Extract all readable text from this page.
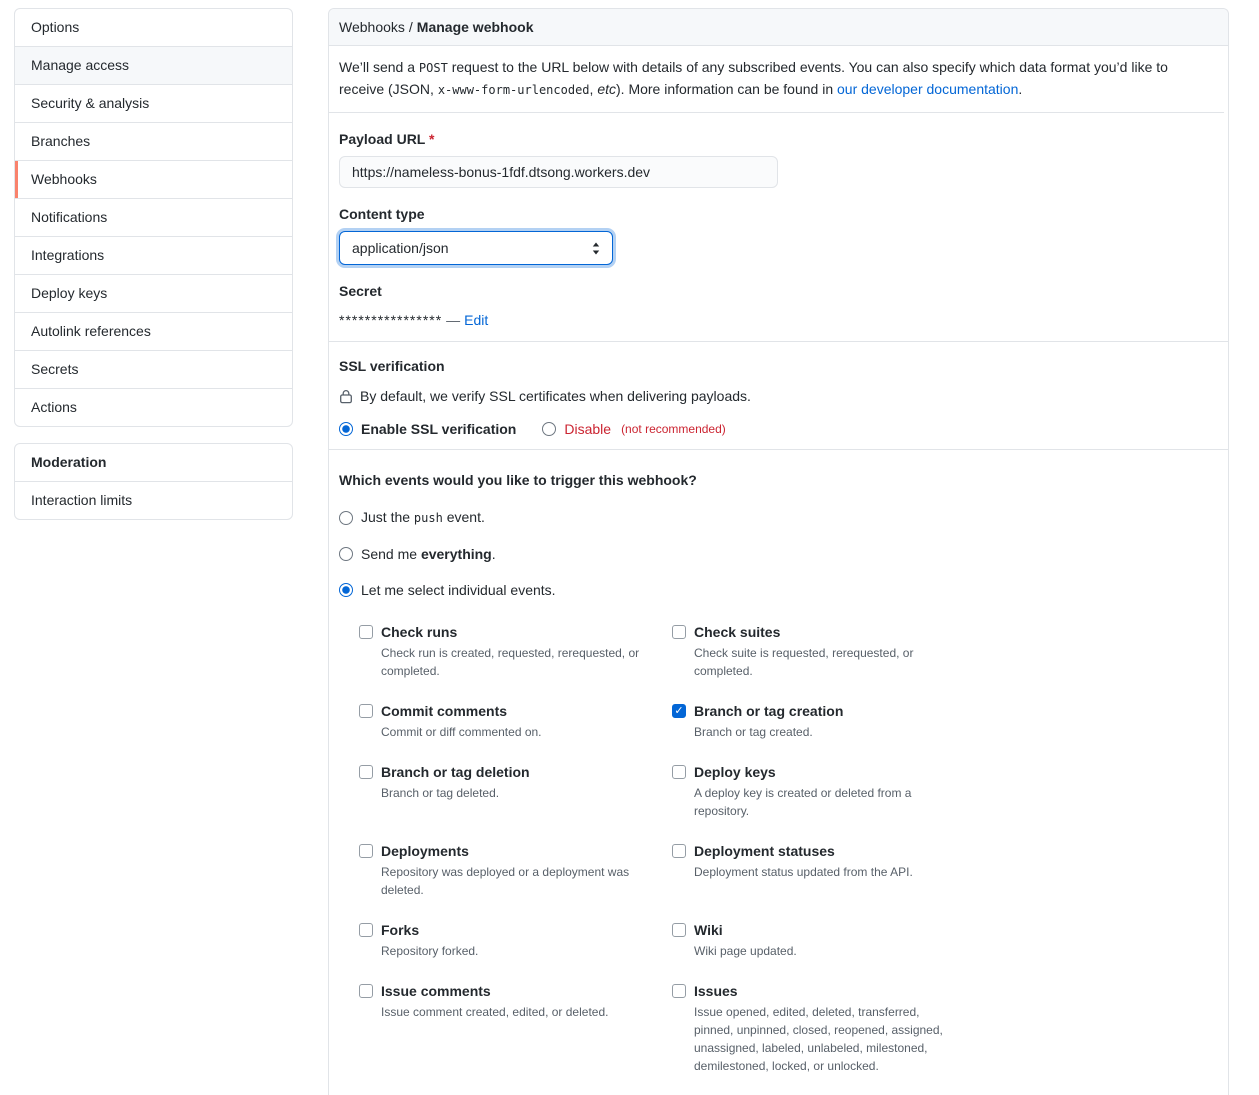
Options
Manage access
Security & analysis
Branches
Webhooks
Notifications
Integrations
Deploy keys
Autolink references
Secrets
Actions
Moderation
Interaction limits
Webhooks / Manage webhook
We’ll send a POST request to the URL below with details of any subscribed events. You can also specify which data format you’d like to receive (JSON, x-www-form-urlencoded, etc). More information can be found in our developer documentation.
Payload URL *
https://nameless-bonus-1fdf.dtsong.workers.dev
Content type
application/json
Secret
**************** — Edit
SSL verification
By default, we verify SSL certificates when delivering payloads.
Enable SSL verification	Disable (not recommended)
Which events would you like to trigger this webhook?
Just the push event.
Send me everything.
Let me select individual events.
Check runs
Check run is created, requested, rerequested, or completed.
Check suites
Check suite is requested, rerequested, or completed.
Commit comments
Commit or diff commented on.
✓
Branch or tag creation
Branch or tag created.
Branch or tag deletion
Branch or tag deleted.
Deploy keys
A deploy key is created or deleted from a repository.
Deployments
Repository was deployed or a deployment was deleted.
Deployment statuses
Deployment status updated from the API.
Forks
Repository forked.
Wiki
Wiki page updated.
Issue comments
Issue comment created, edited, or deleted.
Issues
Issue opened, edited, deleted, transferred, pinned, unpinned, closed, reopened, assigned, unassigned, labeled, unlabeled, milestoned, demilestoned, locked, or unlocked.
